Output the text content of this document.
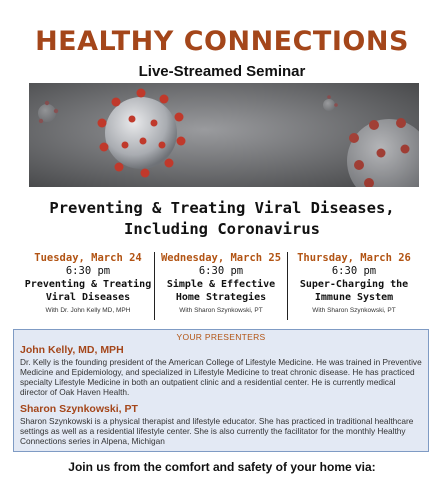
HEALTHY CONNECTIONS
Live-Streamed Seminar
Preventing & Treating Viral Diseases,
Including Coronavirus
Tuesday, March 24
6:30 pm
Preventing & Treating
Viral Diseases
With Dr. John Kelly MD, MPH
Wednesday, March 25
6:30 pm
Simple & Effective
Home Strategies
With Sharon Szynkowski, PT
Thursday, March 26
6:30 pm
Super-Charging the
Immune System
With Sharon Szynkowski, PT
YOUR PRESENTERS
John Kelly, MD, MPH
Dr. Kelly is the founding president of the American College of Lifestyle Medicine. He was trained in Preventive Medicine and Epidemiology, and specialized in Lifestyle Medicine to treat chronic disease. He has practiced specialty Lifestyle Medicine in both an outpatient clinic and a residential center. He is currently medical director of Oak Haven Health.
Sharon Szynkowski, PT
Sharon Szynkowski is a physical therapist and lifestyle educator. She has practiced in traditional healthcare settings as well as a residential lifestyle center. She is also currently the facilitator for the monthly Healthy Connections series in Alpena, Michigan
Join us from the comfort and safety of your home via:
